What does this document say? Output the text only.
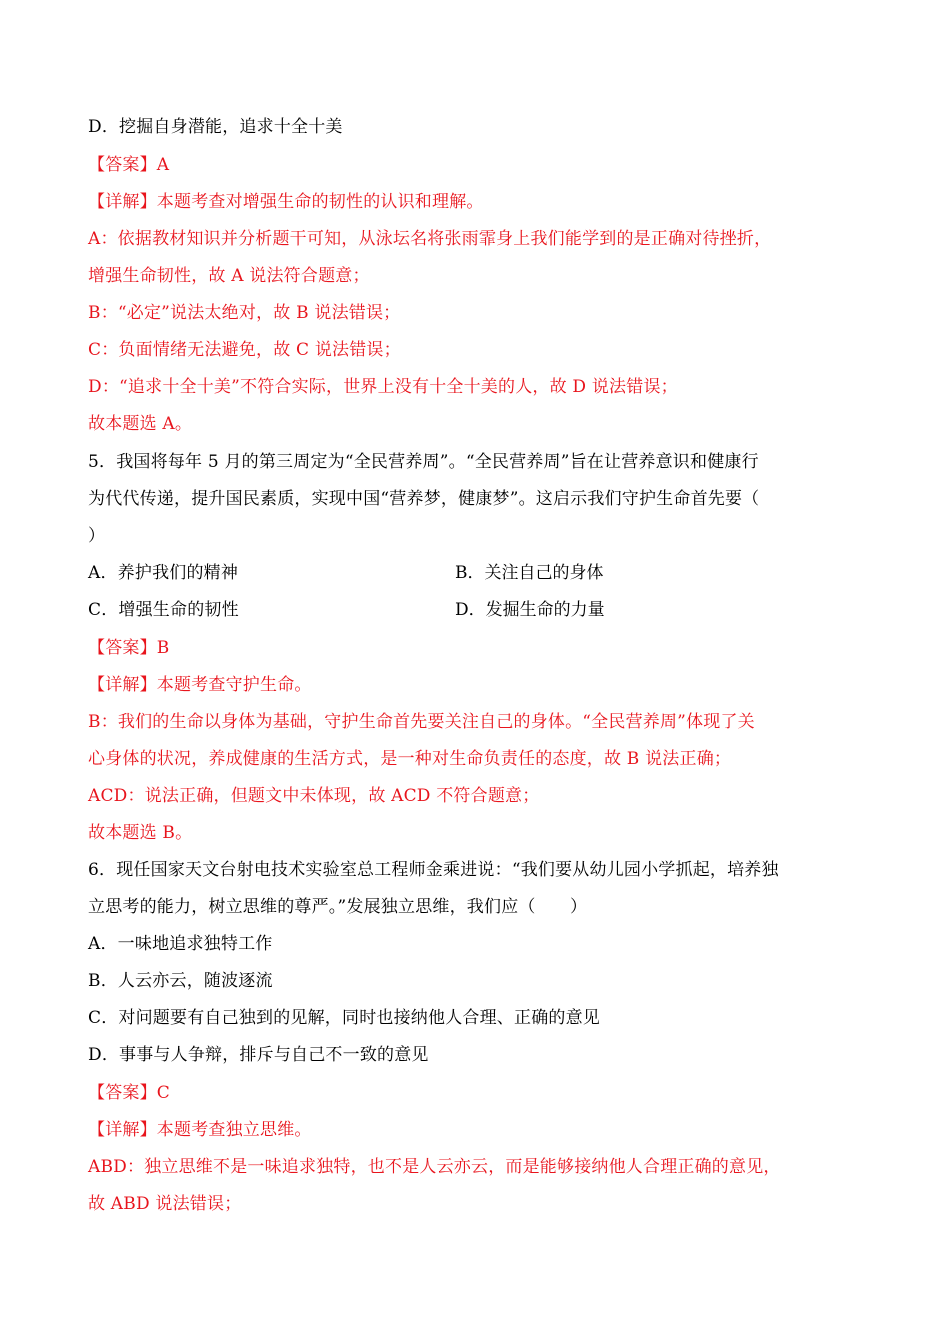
D．挖掘自身潜能，追求十全十美
【答案】A
【详解】本题考查对增强生命的韧性的认识和理解。
A：依据教材知识并分析题干可知，从泳坛名将张雨霏身上我们能学到的是正确对待挫折，
增强生命韧性，故 A 说法符合题意；
B：“必定”说法太绝对，故 B 说法错误；
C：负面情绪无法避免，故 C 说法错误；
D：“追求十全十美”不符合实际，世界上没有十全十美的人，故 D 说法错误；
故本题选 A。
5．我国将每年 5 月的第三周定为“全民营养周”。“全民营养周”旨在让营养意识和健康行
为代代传递，提升国民素质，实现中国“营养梦，健康梦”。这启示我们守护生命首先要（
）
A．养护我们的精神	B．关注自己的身体
C．增强生命的韧性	D．发掘生命的力量
【答案】B
【详解】本题考查守护生命。
B：我们的生命以身体为基础，守护生命首先要关注自己的身体。“全民营养周”体现了关
心身体的状况，养成健康的生活方式，是一种对生命负责任的态度，故 B 说法正确；
ACD：说法正确，但题文中未体现，故 ACD 不符合题意；
故本题选 B。
6．现任国家天文台射电技术实验室总工程师金乘进说：“我们要从幼儿园小学抓起，培养独
立思考的能力，树立思维的尊严。”发展独立思维，我们应（　　）
A．一味地追求独特工作
B．人云亦云，随波逐流
C．对问题要有自己独到的见解，同时也接纳他人合理、正确的意见
D．事事与人争辩，排斥与自己不一致的意见
【答案】C
【详解】本题考查独立思维。
ABD：独立思维不是一味追求独特，也不是人云亦云，而是能够接纳他人合理正确的意见，
故 ABD 说法错误；
